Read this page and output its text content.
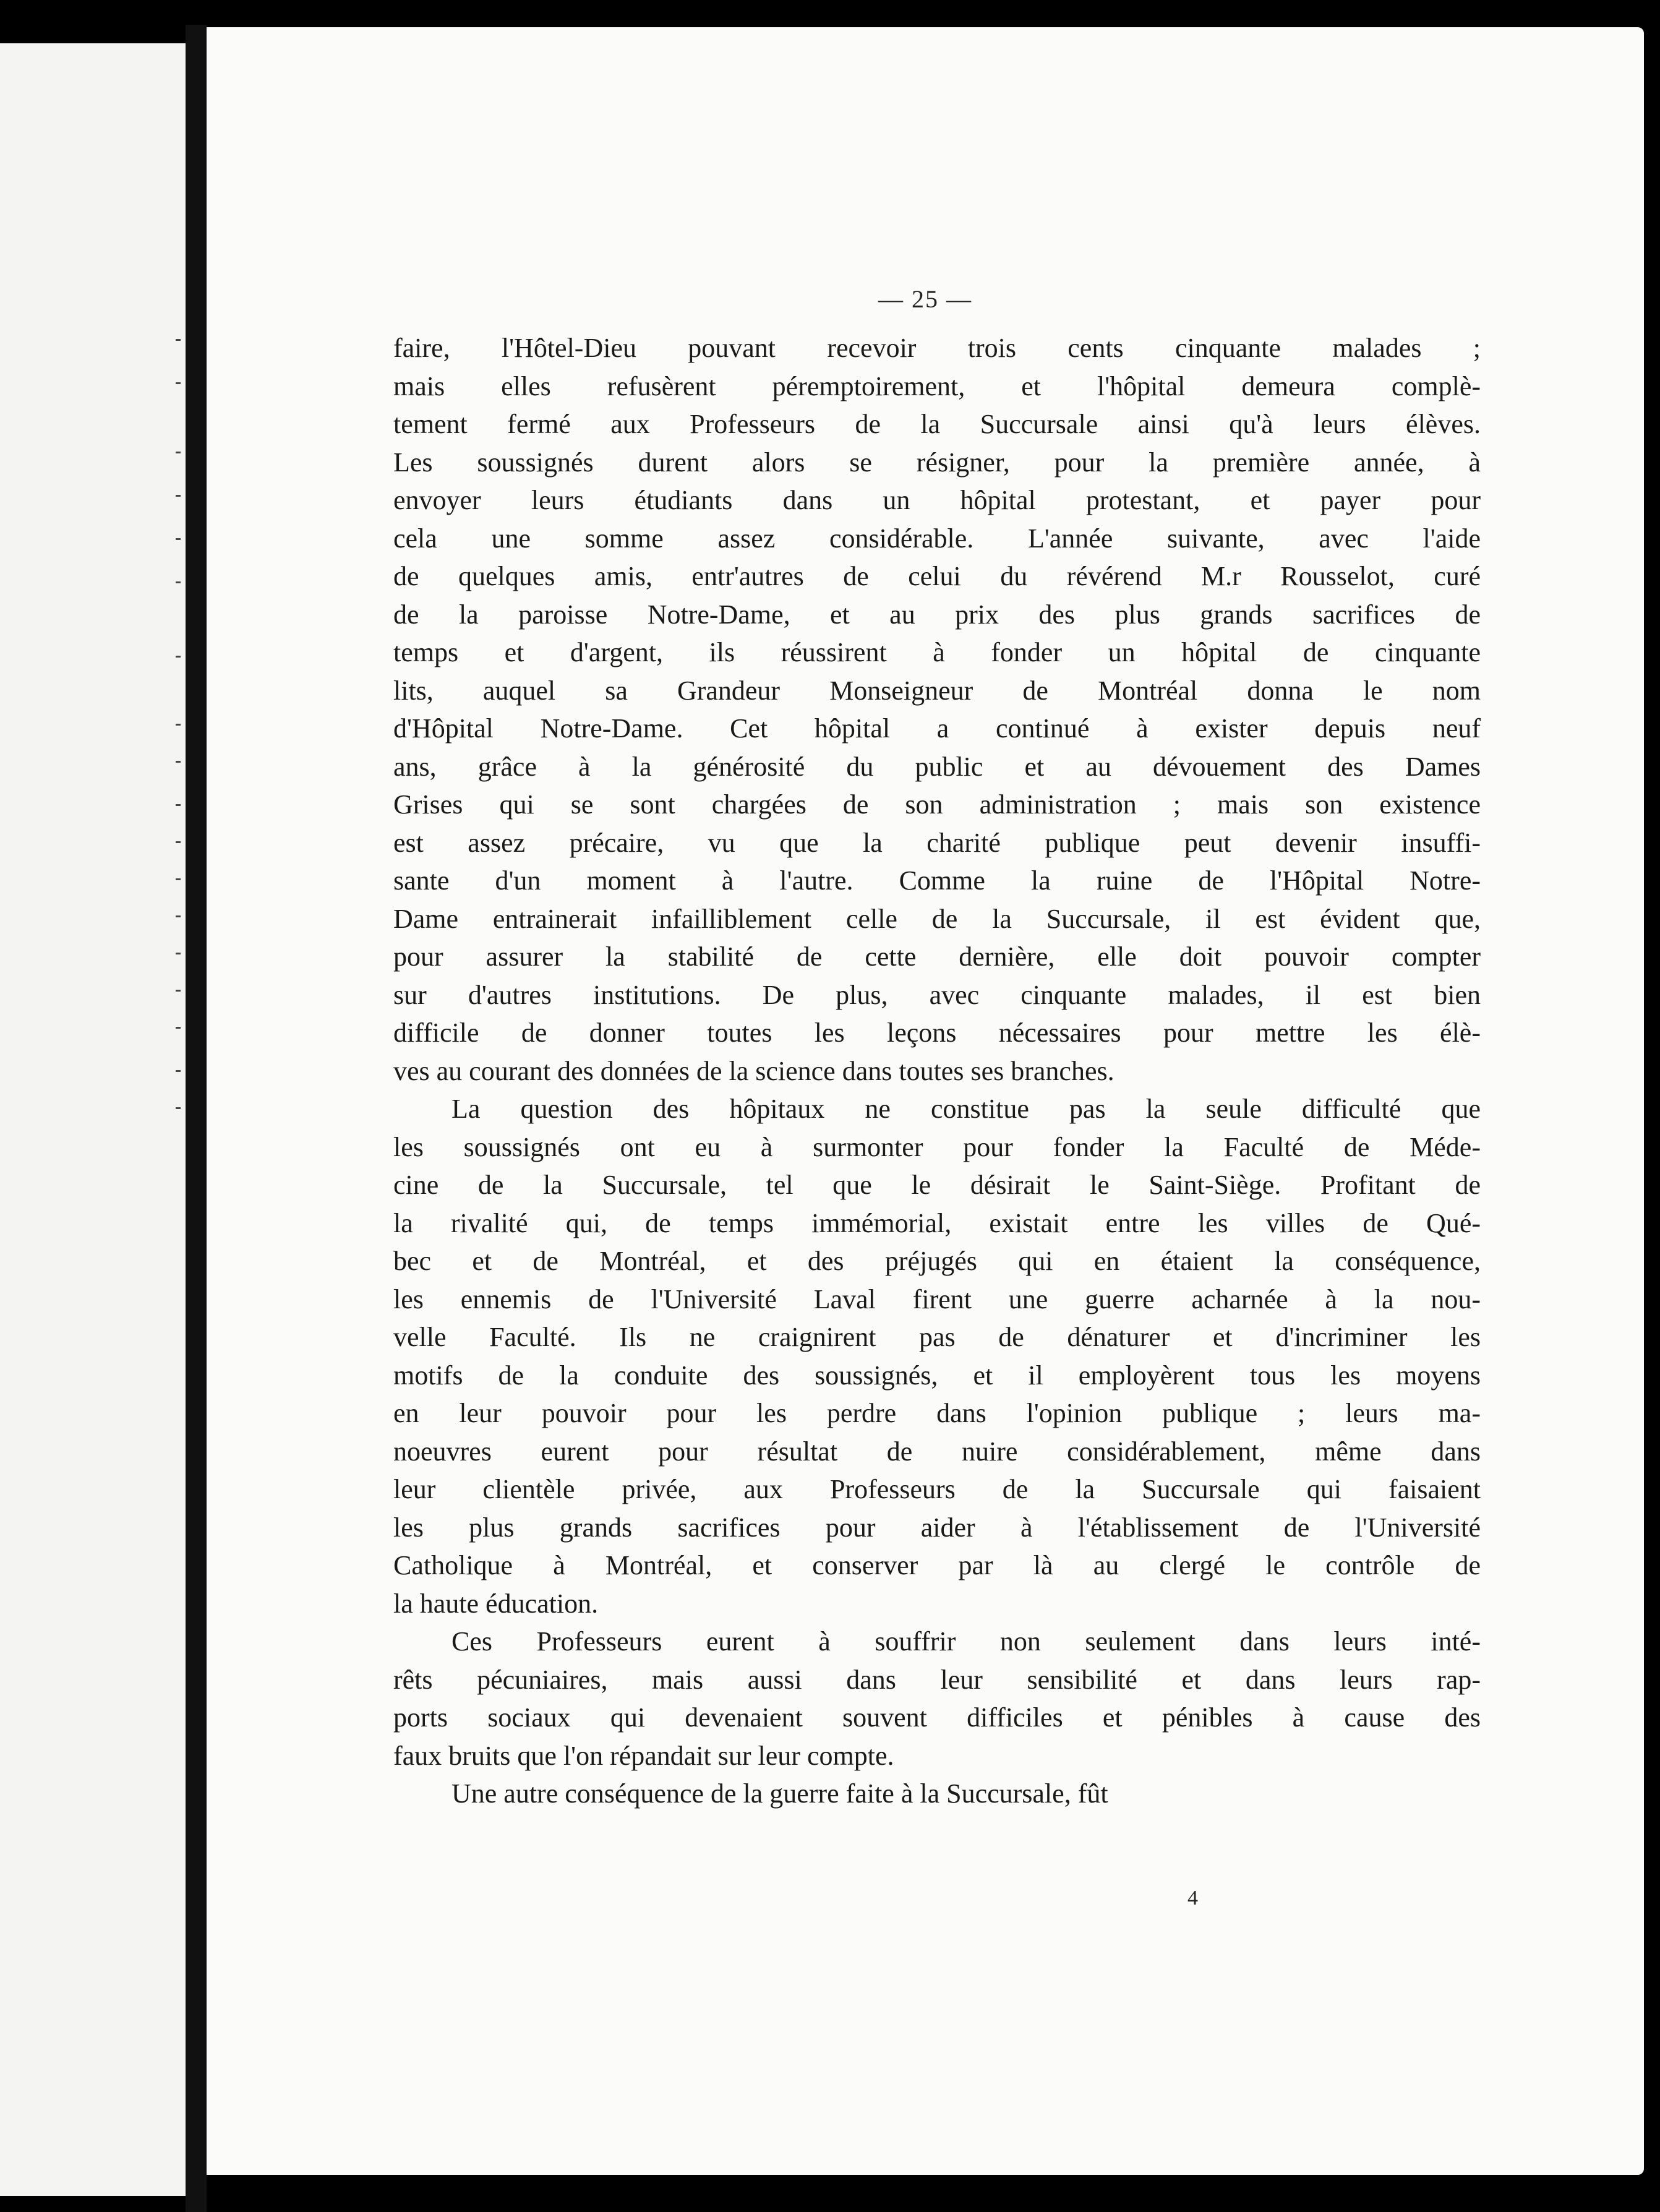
— 25 —
faire, l'Hôtel-Dieu pouvant recevoir trois cents cinquante malades ;
mais elles refusèrent péremptoirement, et l'hôpital demeura complè-
tement fermé aux Professeurs de la Succursale ainsi qu'à leurs élèves.
Les soussignés durent alors se résigner, pour la première année, à
envoyer leurs étudiants dans un hôpital protestant, et payer pour
cela une somme assez considérable. L'année suivante, avec l'aide
de quelques amis, entr'autres de celui du révérend M.r Rousselot, curé
de la paroisse Notre-Dame, et au prix des plus grands sacrifices de
temps et d'argent, ils réussirent à fonder un hôpital de cinquante
lits, auquel sa Grandeur Monseigneur de Montréal donna le nom
d'Hôpital Notre-Dame. Cet hôpital a continué à exister depuis neuf
ans, grâce à la générosité du public et au dévouement des Dames
Grises qui se sont chargées de son administration ; mais son existence
est assez précaire, vu que la charité publique peut devenir insuffi-
sante d'un moment à l'autre. Comme la ruine de l'Hôpital Notre-
Dame entrainerait infailliblement celle de la Succursale, il est évident que,
pour assurer la stabilité de cette dernière, elle doit pouvoir compter
sur d'autres institutions. De plus, avec cinquante malades, il est bien
difficile de donner toutes les leçons nécessaires pour mettre les élè-
ves au courant des données de la science dans toutes ses branches.
La question des hôpitaux ne constitue pas la seule difficulté que
les soussignés ont eu à surmonter pour fonder la Faculté de Méde-
cine de la Succursale, tel que le désirait le Saint-Siège. Profitant de
la rivalité qui, de temps immémorial, existait entre les villes de Qué-
bec et de Montréal, et des préjugés qui en étaient la conséquence,
les ennemis de l'Université Laval firent une guerre acharnée à la nou-
velle Faculté. Ils ne craignirent pas de dénaturer et d'incriminer les
motifs de la conduite des soussignés, et il employèrent tous les moyens
en leur pouvoir pour les perdre dans l'opinion publique ; leurs ma-
noeuvres eurent pour résultat de nuire considérablement, même dans
leur clientèle privée, aux Professeurs de la Succursale qui faisaient
les plus grands sacrifices pour aider à l'établissement de l'Université
Catholique à Montréal, et conserver par là au clergé le contrôle de
la haute éducation.
Ces Professeurs eurent à souffrir non seulement dans leurs inté-
rêts pécuniaires, mais aussi dans leur sensibilité et dans leurs rap-
ports sociaux qui devenaient souvent difficiles et pénibles à cause des
faux bruits que l'on répandait sur leur compte.
Une autre conséquence de la guerre faite à la Succursale, fût
4
